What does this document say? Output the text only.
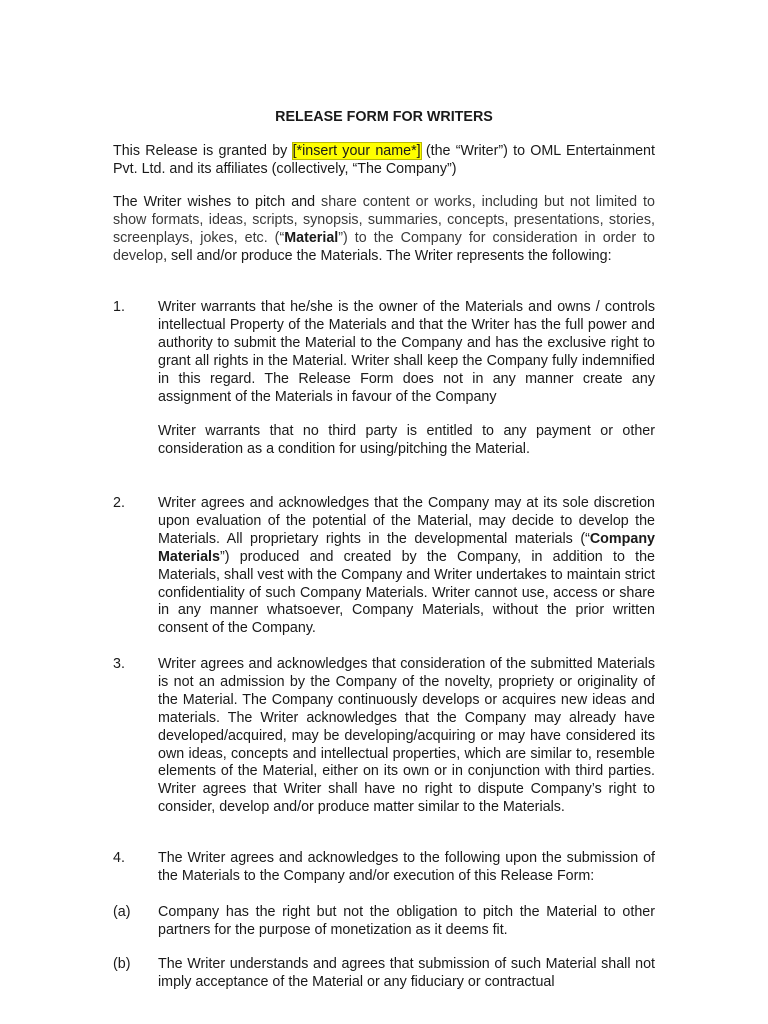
RELEASE FORM FOR WRITERS

This Release is granted by [*insert your name*] (the “Writer”) to OML Entertainment Pvt. Ltd. and its affiliates (collectively, “The Company”)

The Writer wishes to pitch and share content or works, including but not limited to show formats, ideas, scripts, synopsis, summaries, concepts, presentations, stories, screenplays, jokes, etc. (“Material”) to the Company for consideration in order to develop, sell and/or produce the Materials. The Writer represents the following:

1.	Writer warrants that he/she is the owner of the Materials and owns / controls intellectual Property of the Materials and that the Writer has the full power and authority to submit the Material to the Company and has the exclusive right to grant all rights in the Material. Writer shall keep the Company fully indemnified in this regard. The Release Form does not in any manner create any assignment of the Materials in favour of the Company

Writer warrants that no third party is entitled to any payment or other consideration as a condition for using/pitching the Material.

2.	Writer agrees and acknowledges that the Company may at its sole discretion upon evaluation of the potential of the Material, may decide to develop the Materials. All proprietary rights in the developmental materials (“Company Materials”) produced and created by the Company, in addition to the Materials, shall vest with the Company and Writer undertakes to maintain strict confidentiality of such Company Materials. Writer cannot use, access or share in any manner whatsoever, Company Materials, without the prior written consent of the Company.

3.	Writer agrees and acknowledges that consideration of the submitted Materials is not an admission by the Company of the novelty, propriety or originality of the Material. The Company continuously develops or acquires new ideas and materials. The Writer acknowledges that the Company may already have developed/acquired, may be developing/acquiring or may have considered its own ideas, concepts and intellectual properties, which are similar to, resemble elements of the Material, either on its own or in conjunction with third parties. Writer agrees that Writer shall have no right to dispute Company’s right to consider, develop and/or produce matter similar to the Materials.

4.	The Writer agrees and acknowledges to the following upon the submission of the Materials to the Company and/or execution of this Release Form:

(a)	Company has the right but not the obligation to pitch the Material to other partners for the purpose of monetization as it deems fit.

(b)	The Writer understands and agrees that submission of such Material shall not imply acceptance of the Material or any fiduciary or contractual
